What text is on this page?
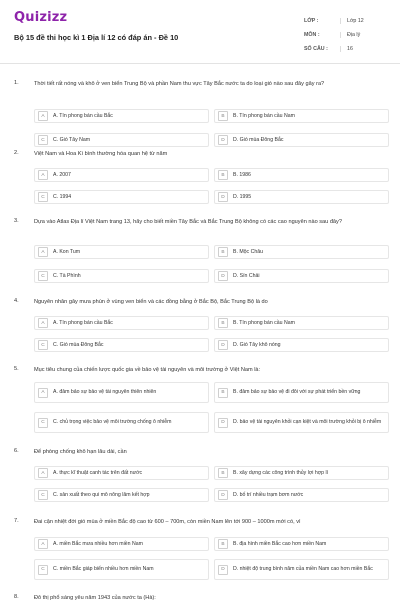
Quizizz
Bộ 15 đề thi học kì 1 Địa lí 12 có đáp án - Đề 10
LỚP :	Lớp 12
MÔN :	Địa lý
SỐ CÂU :	16
1.	Thời tiết rất nóng và khô ở ven biển Trung Bộ và phần Nam thu vực Tây Bắc nước ta do loại gió nào sau đây gây ra?
A	A. Tín phong bán cầu Bắc	B	B. Tín phong bán cầu Nam
C	C. Gió Tây Nam	D	D. Gió mùa Đông Bắc
2.	Việt Nam và Hoa Kì bình thường hóa quan hệ từ năm
A	A. 2007	B	B. 1986
C	C. 1994	D	D. 1995
3.	Dựa vào Atlas Địa lí Việt Nam trang 13, hãy cho biết miền Tây Bắc và Bắc Trung Bộ không có các cao nguyên nào sau đây?
A	A. Kon Tum	B	B. Mộc Châu
C	C. Tà Phình	D	D. Sín Chải
4.	Nguyên nhân gây mưa phùn ở vùng ven biển và các đồng bằng ở Bắc Bộ, Bắc Trung Bộ là do
A	A. Tín phong bán cầu Bắc	B	B. Tín phong bán cầu Nam
C	C. Gió mùa Đông Bắc	D	D. Gió Tây khô nóng
5.	Mục tiêu chung của chiến lược quốc gia về bảo vệ tài nguyên và môi trường ở Việt Nam là:
A	A. đảm bảo sự bảo vệ tài nguyên thiên nhiên	B	B. đảm bảo sự bảo vệ đi đôi với sự phát triển bền vững
C	C. chủ trọng việc bảo vệ môi trường chống ô nhiễm	D	D. bảo vệ tài nguyên khỏi cạn kiệt và môi trường khỏi bị ô nhiễm
6.	Để phòng chống khô hạn lâu dài, cần
A	A. thực kĩ thuật canh tác trên đất nước	B	B. xây dựng các công trình thủy lợi hợp lí
C	C. sản xuất theo qui mô nông lâm kết hợp	D	D. bố trí nhiều trạm bơm nước
7.	Đai cận nhiệt đới gió mùa ở miền Bắc độ cao từ 600 – 700m, còn miền Nam lên tới 900 – 1000m mới có, vì
A	A. miền Bắc mưa nhiều hơn miền Nam	B	B. địa hình miền Bắc cao hơn miền Nam
C	C. miền Bắc giáp biển nhiều hơn miền Nam	D	D. nhiệt độ trung bình năm của miền Nam cao hơn miền Bắc
8.	Đô thị phổ sáng yêu năm 1943 của nước ta (Hà):
